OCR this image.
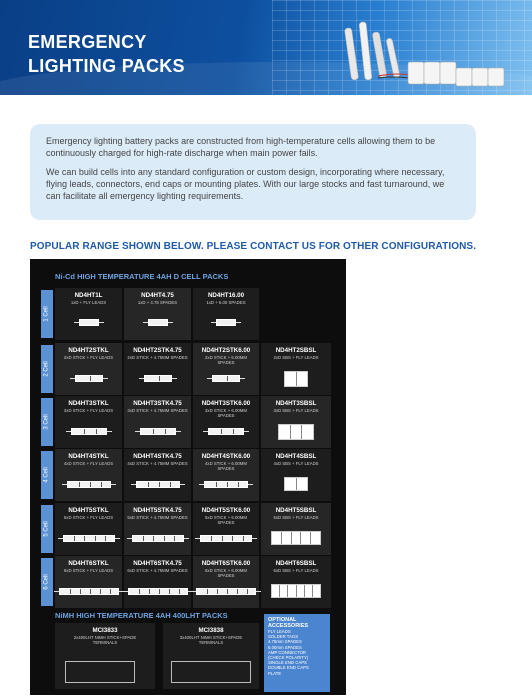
EMERGENCY
LIGHTING PACKS

Emergency lighting battery packs are constructed from high-temperature cells allowing them to be continuously charged for high-rate discharge when main power fails.

We can build cells into any standard configuration or custom design, incorporating where necessary, flying leads, connectors, end caps or mounting plates. With our large stocks and fast turnaround, we can facilitate all emergency lighting requirements.

POPULAR RANGE SHOWN BELOW. PLEASE CONTACT US FOR OTHER CONFIGURATIONS.
Ni-Cd HIGH TEMPERATURE 4AH D CELL PACKS
NiMH HIGH TEMPERATURE 4AH 400LHT PACKS
MCI3833
2x400LHT NIMH STICK+SPADE TERMINALS
MCI3838
3x400LHT NIMH STICK+SPADE TERMINALS
OPTIONAL
ACCESSORIES
FLY LEADS
SOLDER TAGS
4.75mm SPADES
6.00mm SPADES
AMP CONNECTOR
(CHECK POLARITY)
SINGLE END CAPS
DOUBLE END CAPS
PLATE
1 Cell
ND4HT1L
1xD + FLY LEADS
ND4HT4.75
1xD + 4.75 SPADES
ND4HT16.00
1xD + 6.00 SPADES
2 Cell
ND4HT2STKL
2xD STICK + FLY LEADS
ND4HT2STK4.75
2xD STICK + 4.75MM SPADES
ND4HT2STK6.00
2xD STICK + 6.00MM SPADES
ND4HT2SBSL
2xD SBS + FLY LEADS
3 Cell
ND4HT3STKL
3xD STICK + FLY LEADS
ND4HT3STK4.75
3xD STICK + 4.75MM SPADES
ND4HT3STK6.00
3xD STICK + 6.00MM SPADES
ND4HT3SBSL
3xD SBS + FLY LEADS
4 Cell
ND4HT4STKL
4xD STICK + FLY LEADS
ND4HT4STK4.75
4xD STICK + 4.75MM SPADES
ND4HT4STK6.00
4xD STICK + 6.00MM SPADES
ND4HT4SBSL
4xD SBS + FLY LEADS
5 Cell
ND4HT5STKL
5xD STICK + FLY LEADS
ND4HT5STK4.75
5xD STICK + 4.75MM SPADES
ND4HT5STK6.00
5xD STICK + 6.00MM SPADES
ND4HT5SBSL
5xD SBS + FLY LEADS
6 Cell
ND4HT6STKL
6xD STICK + FLY LEADS
ND4HT6STK4.75
6xD STICK + 4.75MM SPADES
ND4HT6STK6.00
6xD STICK + 6.00MM SPADES
ND4HT6SBSL
6xD SBS + FLY LEADS
